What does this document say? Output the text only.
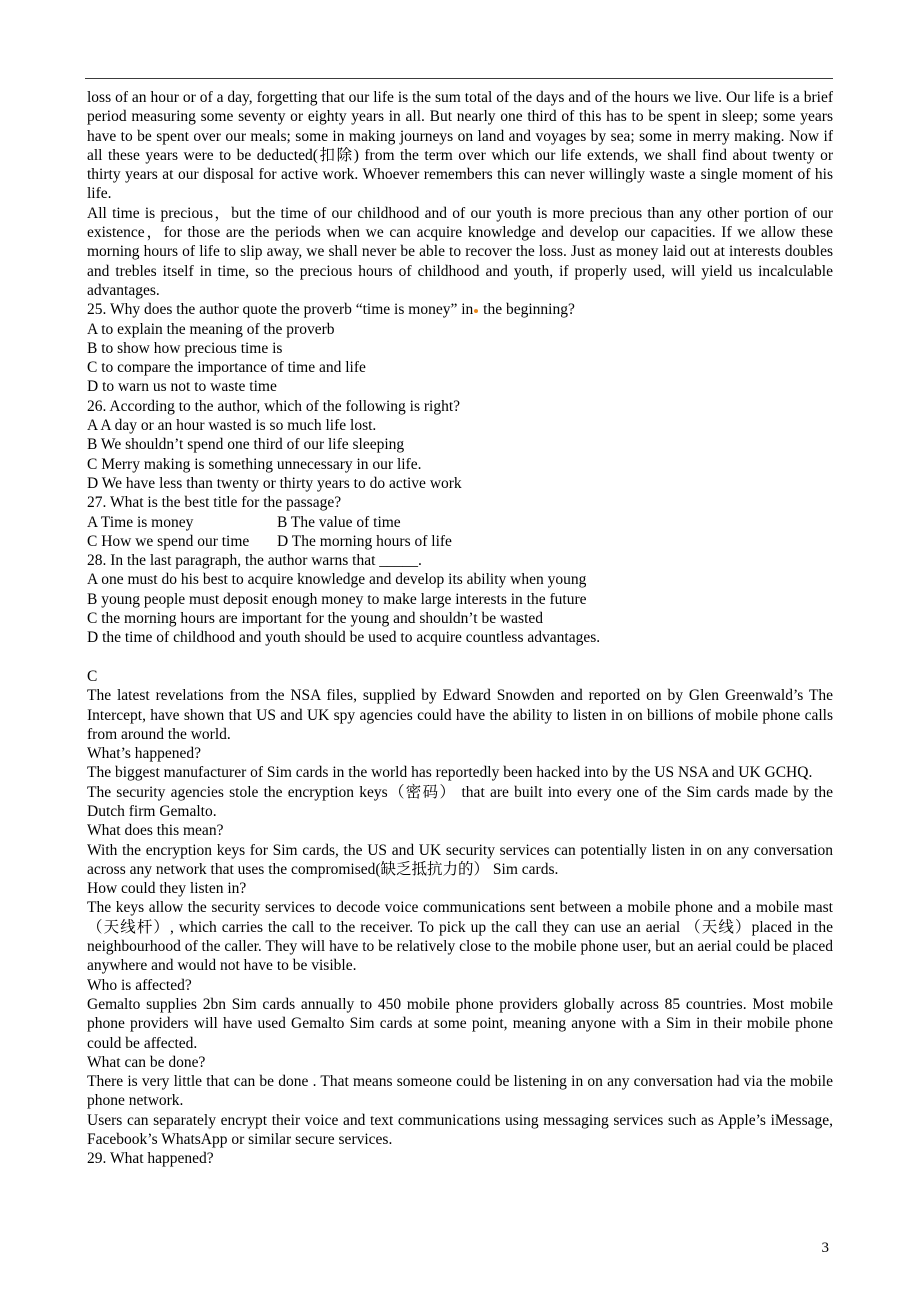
loss of an hour or of a day, forgetting that our life is the sum total of the days and of the hours we live. Our life is a brief period measuring some seventy or eighty years in all. But nearly one third of this has to be spent in sleep; some years have to be spent over our meals; some in making journeys on land and voyages by sea; some in merry making. Now if all these years were to be deducted(扣除) from the term over which our life extends, we shall find about twenty or thirty years at our disposal for active work. Whoever remembers this can never willingly waste a single moment of his life.
All time is precious，but the time of our childhood and of our youth is more precious than any other portion of our existence，for those are the periods when we can acquire knowledge and develop our capacities. If we allow these morning hours of life to slip away, we shall never be able to recover the loss. Just as money laid out at interests doubles and trebles itself in time, so the precious hours of childhood and youth, if properly used, will yield us incalculable advantages.
25. Why does the author quote the proverb “time is money” in the beginning?
A to explain the meaning of the proverb
B to show how precious time is
C to compare the importance of time and life
D to warn us not to waste time
26. According to the author, which of the following is right?
A A day or an hour wasted is so much life lost.
B We shouldn’t spend one third of our life sleeping
C Merry making is something unnecessary in our life.
D We have less than twenty or thirty years to do active work
27. What is the best title for the passage?
A Time is money	B The value of time
C How we spend our time	D The morning hours of life
28. In the last paragraph, the author warns that _____.
A one must do his best to acquire knowledge and develop its ability when young
B young people must deposit enough money to make large interests in the future
C the morning hours are important for the young and shouldn’t be wasted
D the time of childhood and youth should be used to acquire countless advantages.
C
The latest revelations from the NSA files, supplied by Edward Snowden and reported on by Glen Greenwald’s The Intercept, have shown that US and UK spy agencies could have the ability to listen in on billions of mobile phone calls from around the world.
What’s happened?
The biggest manufacturer of Sim cards in the world has reportedly been hacked into by the US NSA and UK GCHQ.
The security agencies stole the encryption keys（密码） that are built into every one of the Sim cards made by the Dutch firm Gemalto.
What does this mean?
With the encryption keys for Sim cards, the US and UK security services can potentially listen in on any conversation across any network that uses the compromised(缺乏抵抗力的） Sim cards.
How could they listen in?
The keys allow the security services to decode voice communications sent between a mobile phone and a mobile mast（天线杆）, which carries the call to the receiver. To pick up the call they can use an aerial （天线）placed in the neighbourhood of the caller. They will have to be relatively close to the mobile phone user, but an aerial could be placed anywhere and would not have to be visible.
Who is affected?
Gemalto supplies 2bn Sim cards annually to 450 mobile phone providers globally across 85 countries. Most mobile phone providers will have used Gemalto Sim cards at some point, meaning anyone with a Sim in their mobile phone could be affected.
What can be done?
There is very little that can be done . That means someone could be listening in on any conversation had via the mobile phone network.
Users can separately encrypt their voice and text communications using messaging services such as Apple’s iMessage, Facebook’s WhatsApp or similar secure services.
29. What happened?
3
